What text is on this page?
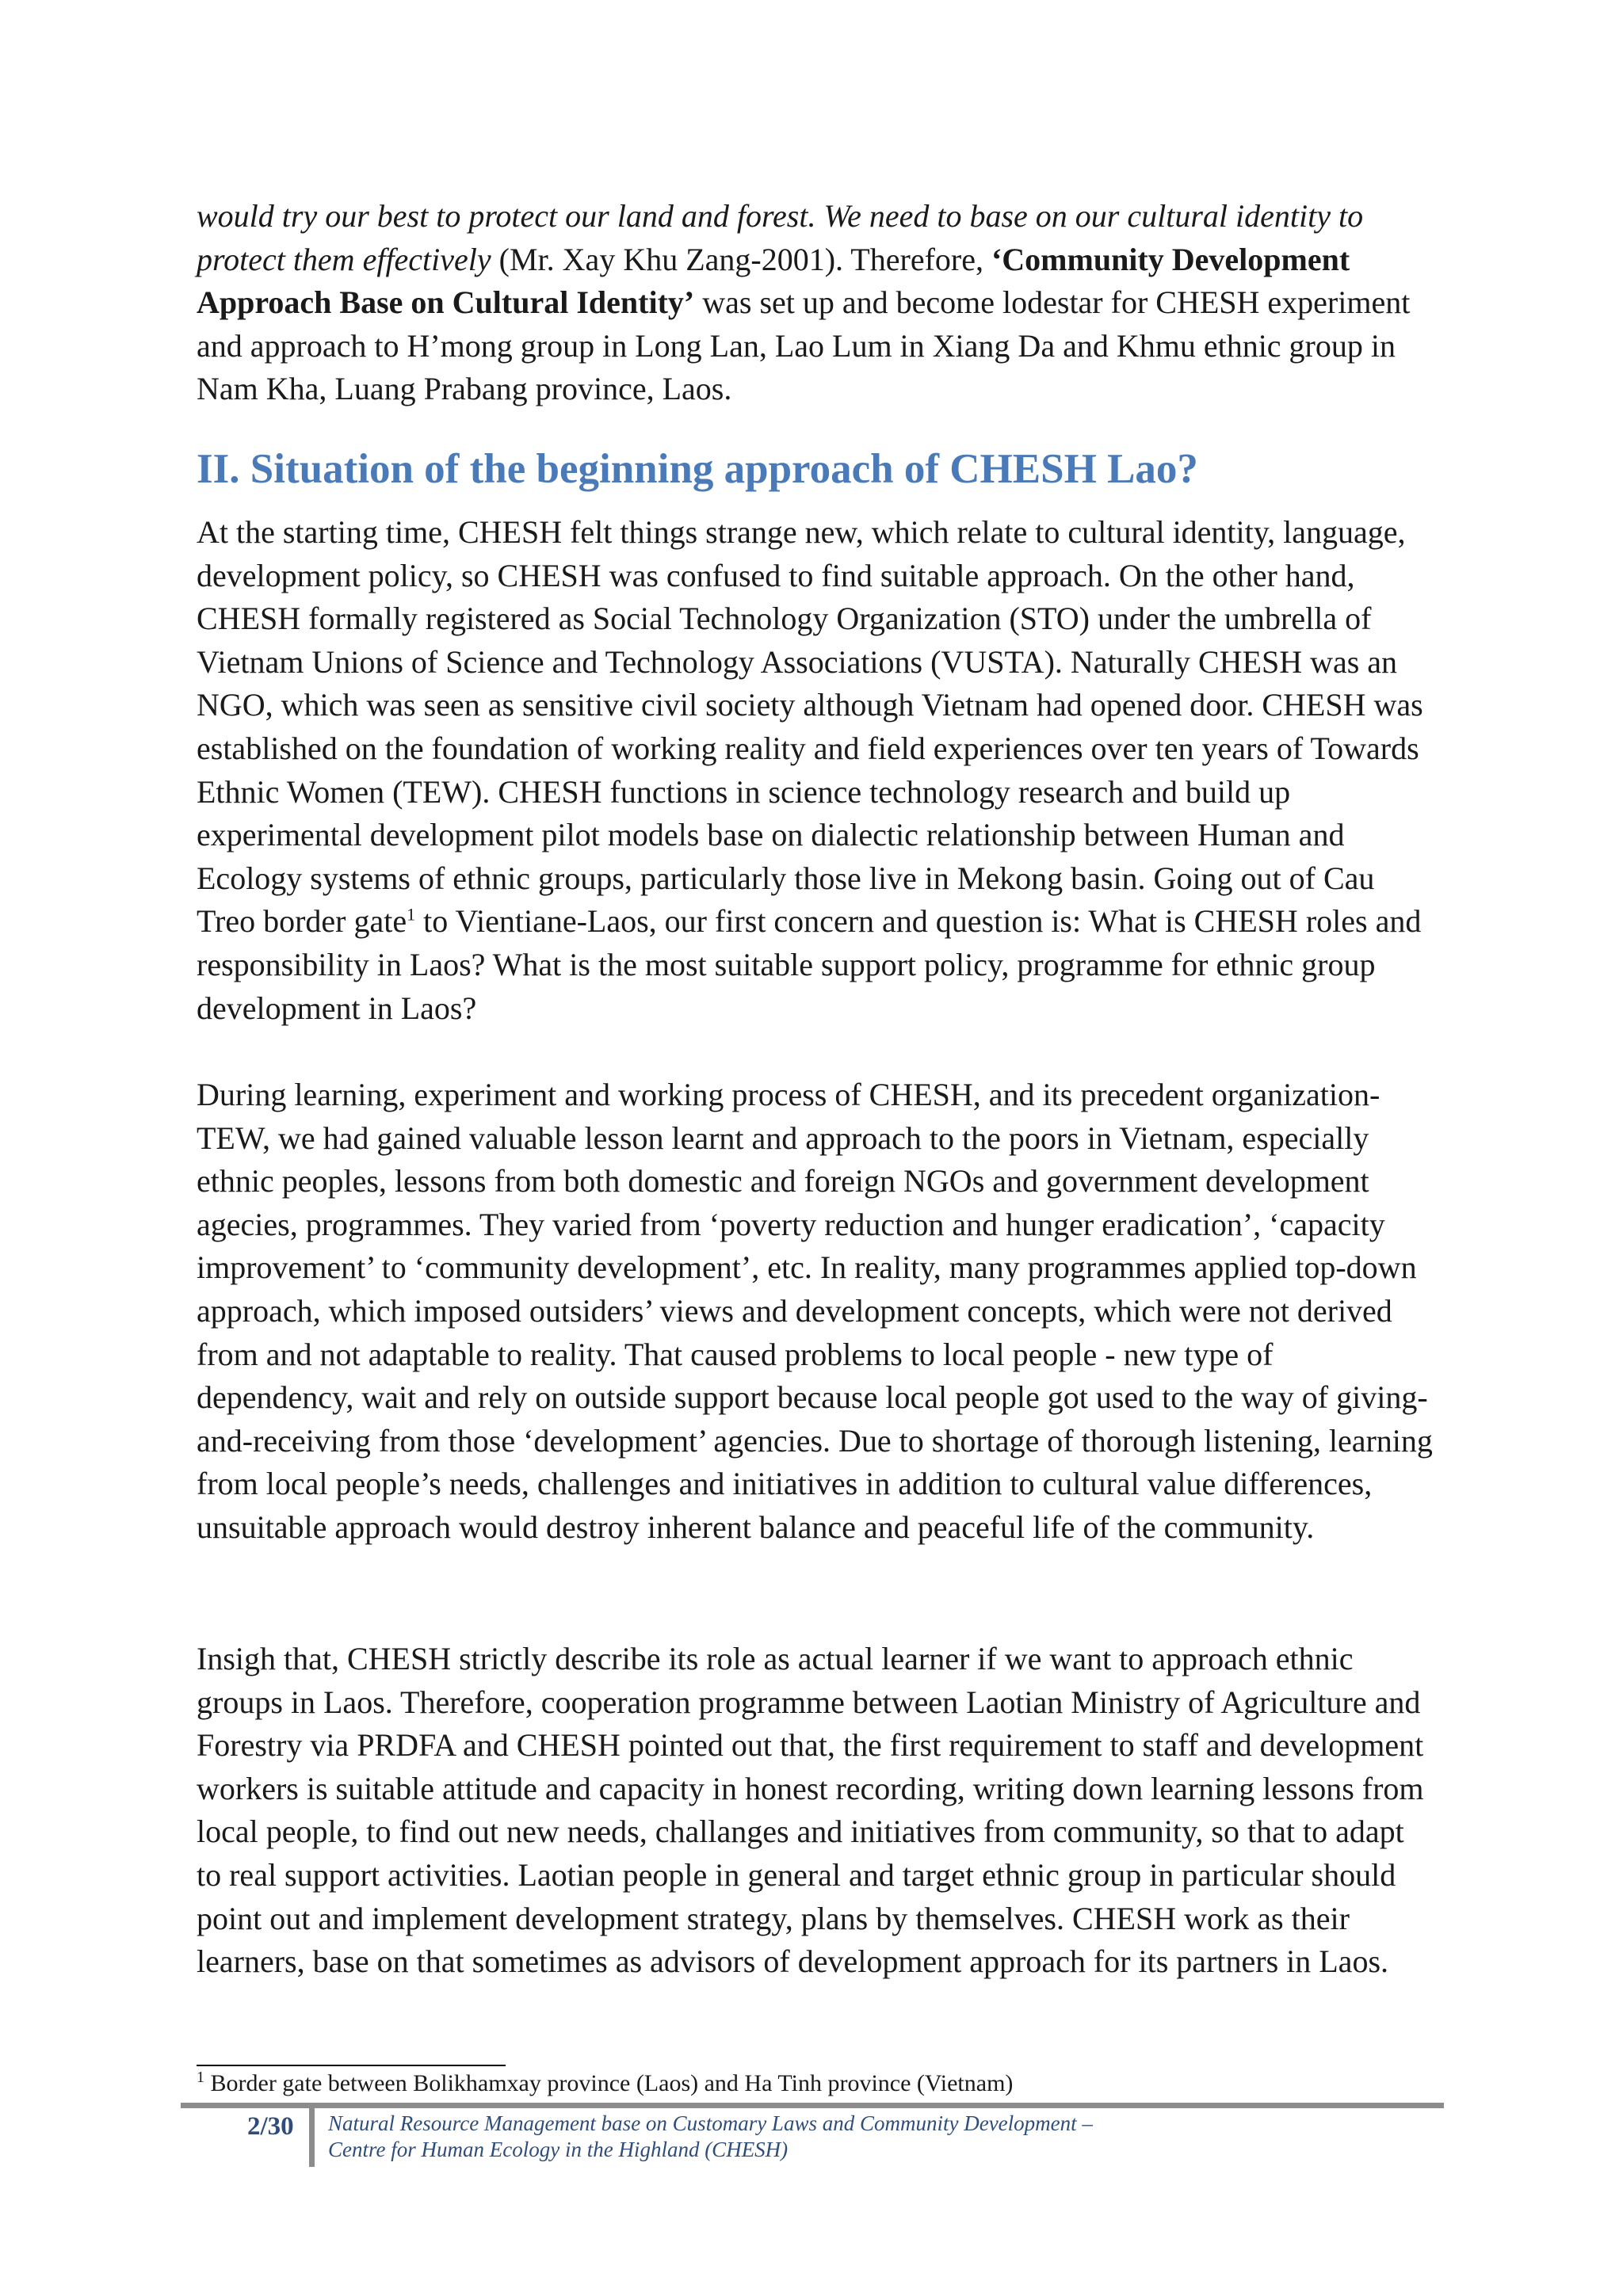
would try our best to protect our land and forest. We need to base on our cultural identity to protect them effectively (Mr. Xay Khu Zang-2001). Therefore, ‘Community Development Approach Base on Cultural Identity’ was set up and become lodestar for CHESH experiment and approach to H’mong group in Long Lan, Lao Lum in Xiang Da and Khmu ethnic group in Nam Kha, Luang Prabang province, Laos.

II. Situation of the beginning approach of CHESH Lao?

At the starting time, CHESH felt things strange new, which relate to cultural identity, language, development policy, so CHESH was confused to find suitable approach. On the other hand, CHESH formally registered as Social Technology Organization (STO) under the umbrella of Vietnam Unions of Science and Technology Associations (VUSTA). Naturally CHESH was an NGO, which was seen as sensitive civil society although Vietnam had opened door. CHESH was established on the foundation of working reality and field experiences over ten years of Towards Ethnic Women (TEW). CHESH functions in science technology research and build up experimental development pilot models base on dialectic relationship between Human and Ecology systems of ethnic groups, particularly those live in Mekong basin. Going out of Cau Treo border gate$^1$ to Vientiane-Laos, our first concern and question is: What is CHESH roles and responsibility in Laos? What is the most suitable support policy, programme for ethnic group development in Laos?

During learning, experiment and working process of CHESH, and its precedent organization-TEW, we had gained valuable lesson learnt and approach to the poors in Vietnam, especially ethnic peoples, lessons from both domestic and foreign NGOs and government development agecies, programmes. They varied from ‘poverty reduction and hunger eradication’, ‘capacity improvement’ to ‘community development’, etc. In reality, many programmes applied top-down approach, which imposed outsiders’ views and development concepts, which were not derived from and not adaptable to reality. That caused problems to local people - new type of dependency, wait and rely on outside support because local people got used to the way of giving-and-receiving from those ‘development’ agencies. Due to shortage of thorough listening, learning from local people’s needs, challenges and initiatives in addition to cultural value differences, unsuitable approach would destroy inherent balance and peaceful life of the community.

Insigh that, CHESH strictly describe its role as actual learner if we want to approach ethnic groups in Laos. Therefore, cooperation programme between Laotian Ministry of Agriculture and Forestry via PRDFA and CHESH pointed out that, the first requirement to staff and development workers is suitable attitude and capacity in honest recording, writing down learning lessons from local people, to find out new needs, challanges and initiatives from community, so that to adapt to real support activities. Laotian people in general and target ethnic group in particular should point out and implement development strategy, plans by themselves. CHESH work as their learners, base on that sometimes as advisors of development approach for its partners in Laos.

$^1$ Border gate between Bolikhamxay province (Laos) and Ha Tinh province (Vietnam)
2/30 Natural Resource Management base on Customary Laws and Community Development –
Centre for Human Ecology in the Highland (CHESH)
